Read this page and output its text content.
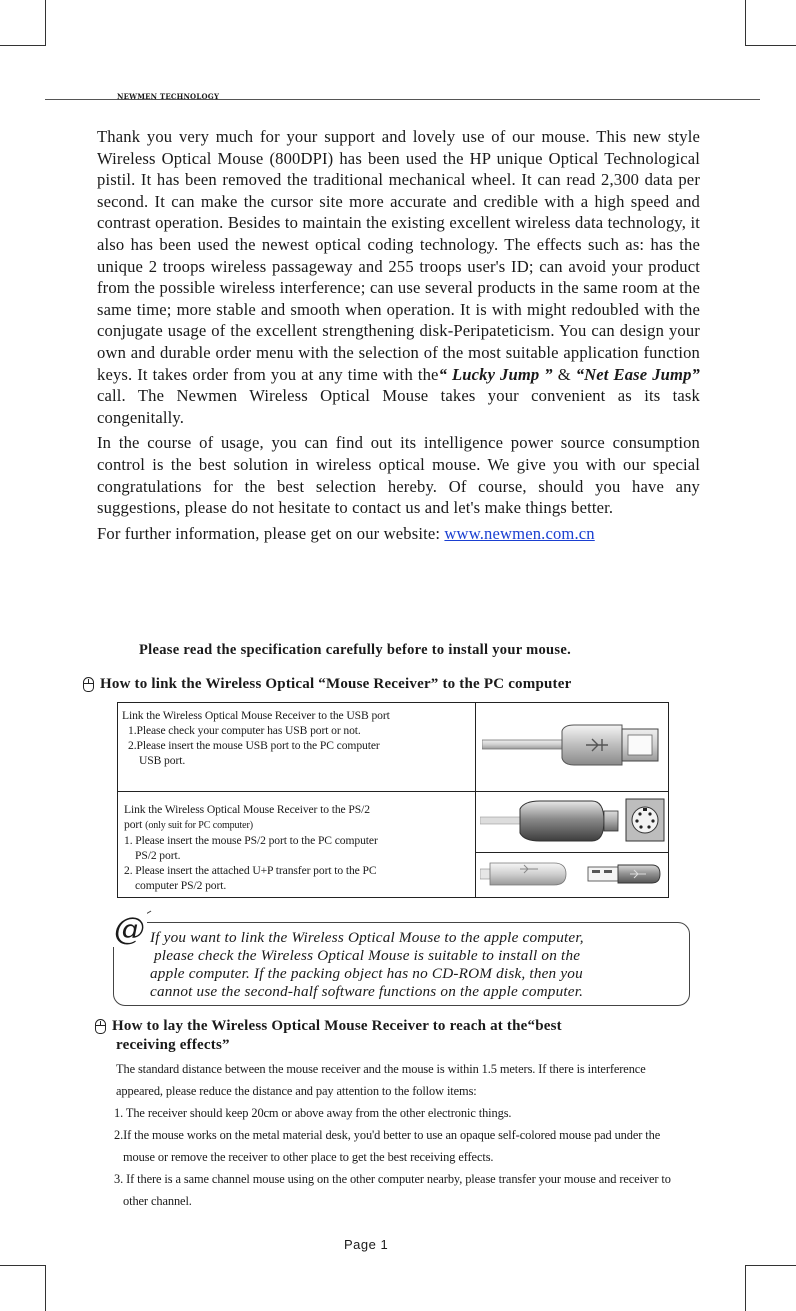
NEWMEN TECHNOLOGY

Thank you very much for your support and lovely use of our mouse. This new style Wireless Optical Mouse (800DPI) has been used the HP unique Optical Technological pistil. It has been removed the traditional mechanical wheel. It can read 2,300 data per second. It can make the cursor site more accurate and credible with a high speed and contrast operation. Besides to maintain the existing excellent wireless data technology, it also has been used the newest optical coding technology. The effects such as: has the unique 2 troops wireless passageway and 255 troops user's ID; can avoid your product from the possible wireless interference; can use several products in the same room at the same time; more stable and smooth when operation. It is with might redoubled with the conjugate usage of the excellent strengthening disk-Peripateticism. You can design your own and durable order menu with the selection of the most suitable application function keys. It takes order from you at any time with the“ Lucky Jump ” & “Net Ease Jump” call. The Newmen Wireless Optical Mouse takes your convenient as its task congenitally.

In the course of usage, you can find out its intelligence power source consumption control is the best solution in wireless optical mouse. We give you with our special congratulations for the best selection hereby. Of course, should you have any suggestions, please do not hesitate to contact us and let's make things better.

For further information, please get on our website: www.newmen.com.cn

Please read the specification carefully before to install your mouse.
How to link the Wireless Optical “Mouse Receiver” to the PC computer
Link the Wireless Optical Mouse Receiver to the USB port
1.Please check your computer has USB port or not.
2.Please insert the mouse USB port to the PC computer
USB port.
Link the Wireless Optical Mouse Receiver to the PS/2
port (only suit for PC computer)
1. Please insert the mouse PS/2 port to the PC computer
PS/2 port.
2. Please insert the attached U+P transfer port to the PC
computer PS/2 port.
@ If you want to link the Wireless Optical Mouse to the apple computer,
please check the Wireless Optical Mouse is suitable to install on the
apple computer. If the packing object has no CD-ROM disk, then you
cannot use the second-half software functions on the apple computer.
How to lay the Wireless Optical Mouse Receiver to reach at the“best
receiving effects”
The standard distance between the mouse receiver and the mouse is within 1.5 meters. If there is interference appeared, please reduce the distance and pay attention to the follow items:
1. The receiver should keep 20cm or above away from the other electronic things.
2.If the mouse works on the metal material desk, you'd better to use an opaque self-colored mouse pad under the mouse or remove the receiver to other place to get the best receiving effects.
3. If there is a same channel mouse using on the other computer nearby, please transfer your mouse and receiver to other channel.
Page 1
